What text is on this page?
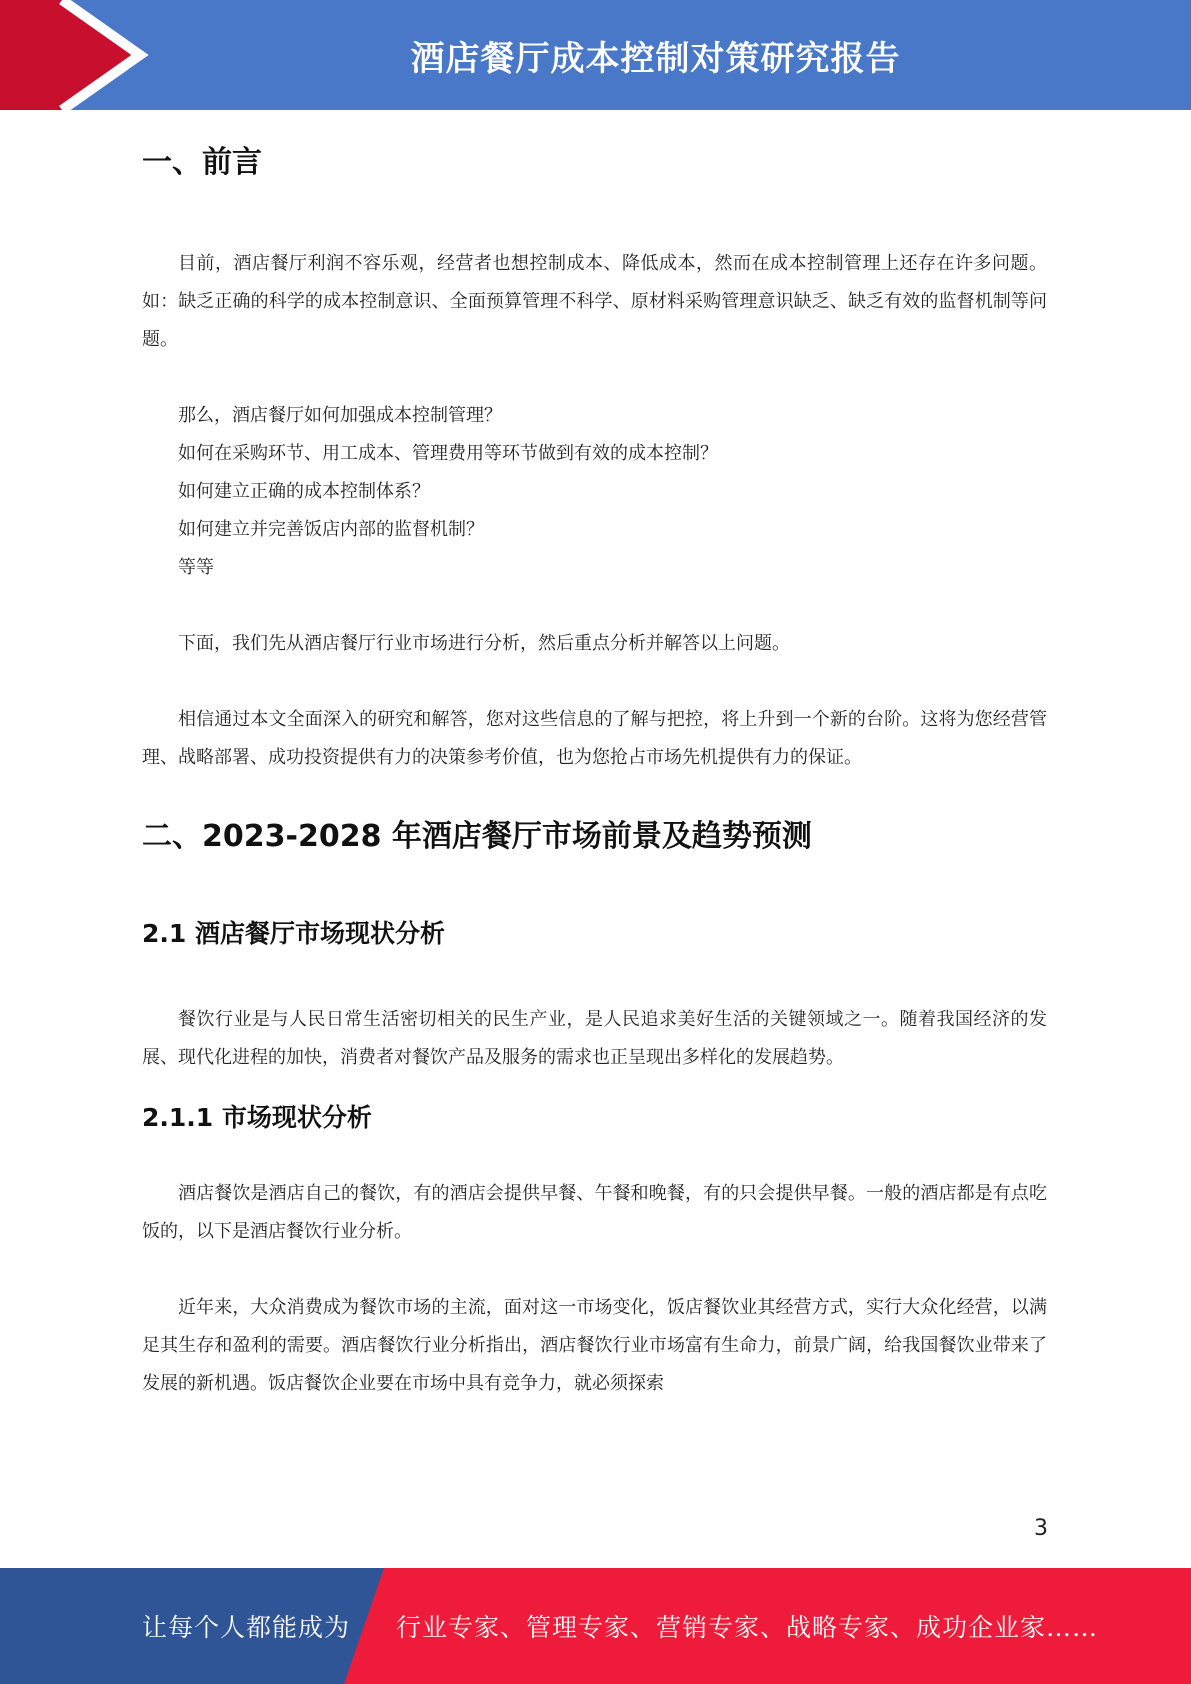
酒店餐厅成本控制对策研究报告
一、前言

目前，酒店餐厅利润不容乐观，经营者也想控制成本、降低成本，然而在成本控制管理上还存在许多问题。如：缺乏正确的科学的成本控制意识、全面预算管理不科学、原材料采购管理意识缺乏、缺乏有效的监督机制等问题。

那么，酒店餐厅如何加强成本控制管理？

如何在采购环节、用工成本、管理费用等环节做到有效的成本控制？

如何建立正确的成本控制体系？

如何建立并完善饭店内部的监督机制？

等等

下面，我们先从酒店餐厅行业市场进行分析，然后重点分析并解答以上问题。

相信通过本文全面深入的研究和解答，您对这些信息的了解与把控，将上升到一个新的台阶。这将为您经营管理、战略部署、成功投资提供有力的决策参考价值，也为您抢占市场先机提供有力的保证。

二、2023-2028 年酒店餐厅市场前景及趋势预测
2.1 酒店餐厅市场现状分析

餐饮行业是与人民日常生活密切相关的民生产业，是人民追求美好生活的关键领域之一。随着我国经济的发展、现代化进程的加快，消费者对餐饮产品及服务的需求也正呈现出多样化的发展趋势。

2.1.1 市场现状分析

酒店餐饮是酒店自己的餐饮，有的酒店会提供早餐、午餐和晚餐，有的只会提供早餐。一般的酒店都是有点吃饭的，以下是酒店餐饮行业分析。

近年来，大众消费成为餐饮市场的主流，面对这一市场变化，饭店餐饮业其经营方式，实行大众化经营，以满足其生存和盈利的需要。酒店餐饮行业分析指出，酒店餐饮行业市场富有生命力，前景广阔，给我国餐饮业带来了发展的新机遇。饭店餐饮企业要在市场中具有竞争力，就必须探索

3
让每个人都能成为 行业专家、管理专家、营销专家、战略专家、成功企业家……
